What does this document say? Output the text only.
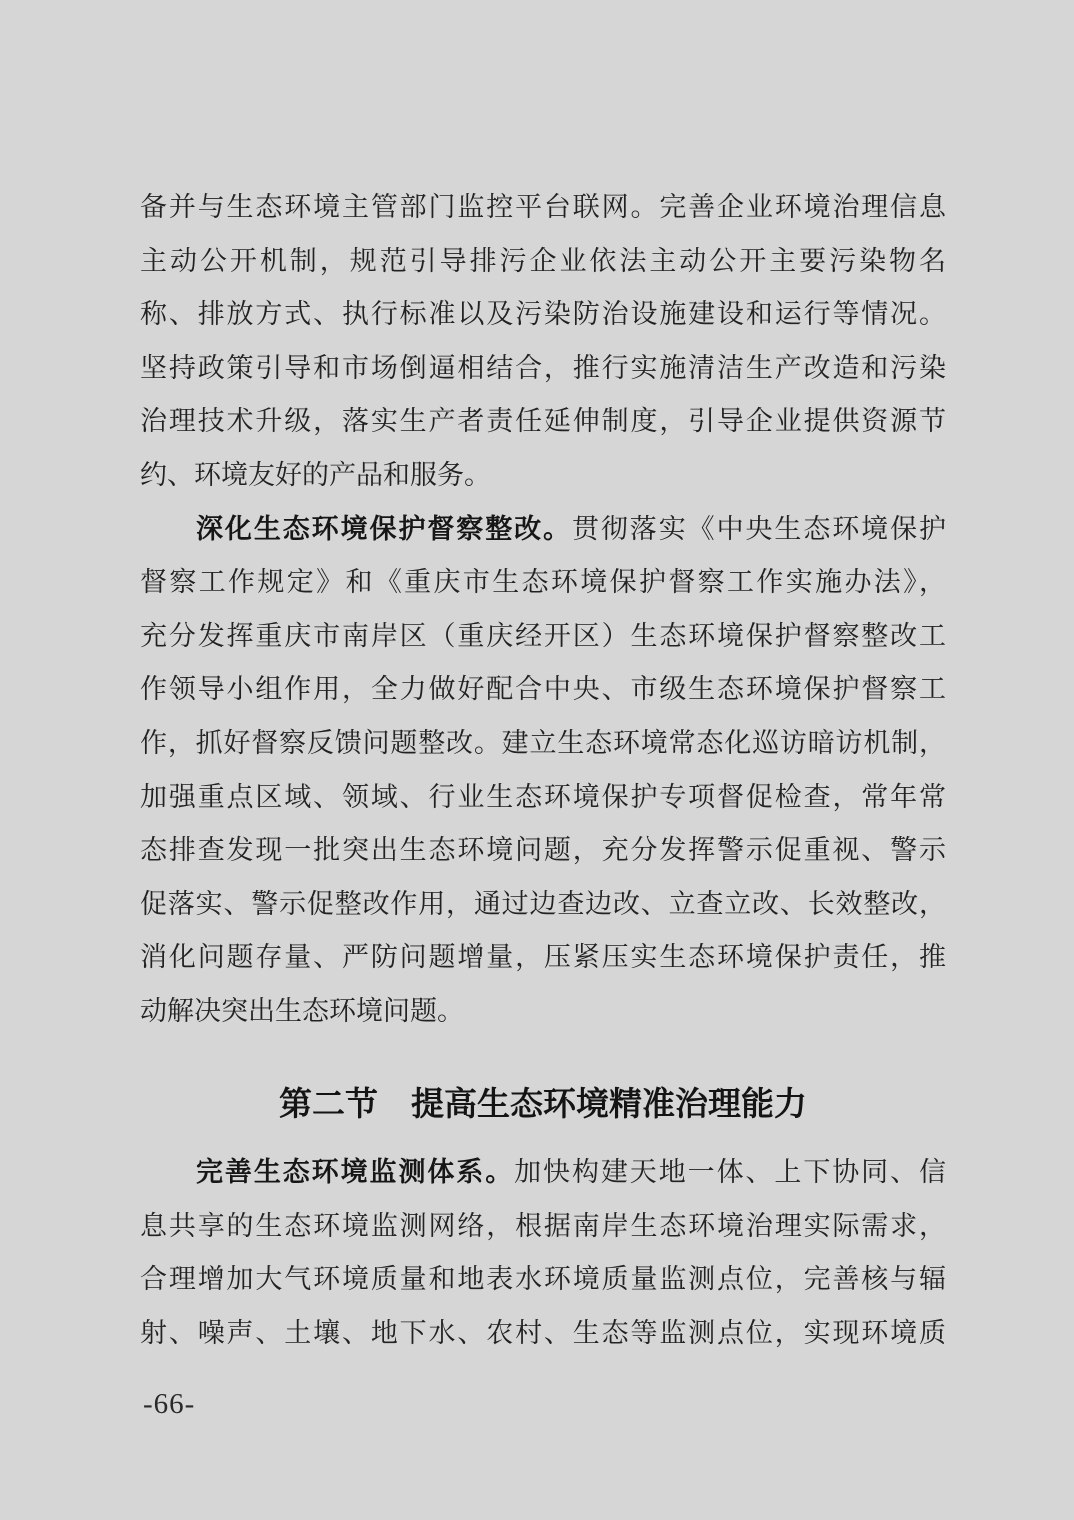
备并与生态环境主管部门监控平台联网。完善企业环境治理信息
主动公开机制，规范引导排污企业依法主动公开主要污染物名
称、排放方式、执行标准以及污染防治设施建设和运行等情况。
坚持政策引导和市场倒逼相结合，推行实施清洁生产改造和污染
治理技术升级，落实生产者责任延伸制度，引导企业提供资源节
约、环境友好的产品和服务。
深化生态环境保护督察整改。贯彻落实《中央生态环境保护
督察工作规定》和《重庆市生态环境保护督察工作实施办法》，
充分发挥重庆市南岸区（重庆经开区）生态环境保护督察整改工
作领导小组作用，全力做好配合中央、市级生态环境保护督察工
作，抓好督察反馈问题整改。建立生态环境常态化巡访暗访机制，
加强重点区域、领域、行业生态环境保护专项督促检查，常年常
态排查发现一批突出生态环境问题，充分发挥警示促重视、警示
促落实、警示促整改作用，通过边查边改、立查立改、长效整改，
消化问题存量、严防问题增量，压紧压实生态环境保护责任，推
动解决突出生态环境问题。
第二节　提高生态环境精准治理能力
完善生态环境监测体系。加快构建天地一体、上下协同、信
息共享的生态环境监测网络，根据南岸生态环境治理实际需求，
合理增加大气环境质量和地表水环境质量监测点位，完善核与辐
射、噪声、土壤、地下水、农村、生态等监测点位，实现环境质
-66-
